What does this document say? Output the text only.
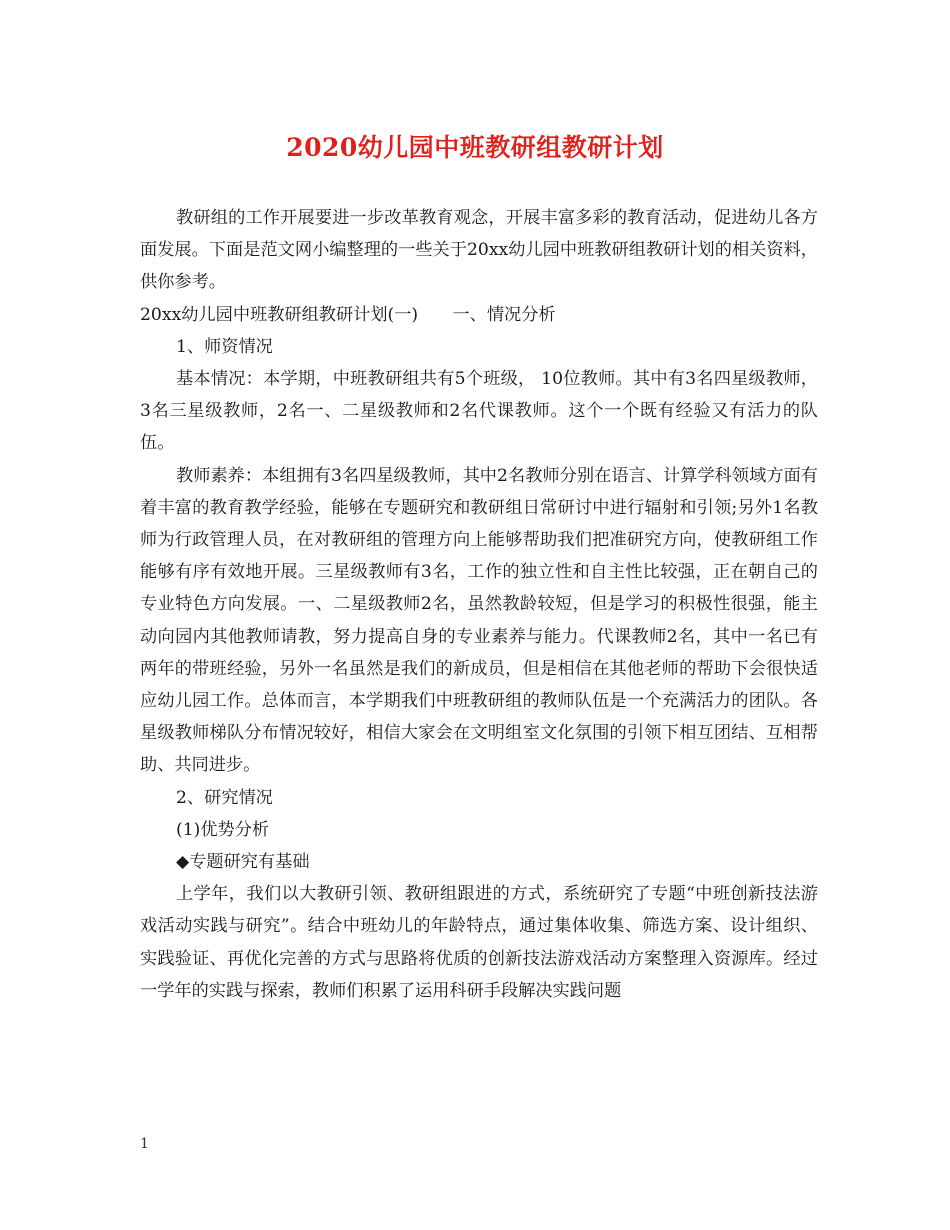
2020幼儿园中班教研组教研计划

教研组的工作开展要进一步改革教育观念，开展丰富多彩的教育活动，促进幼儿各方面发展。下面是范文网小编整理的一些关于20xx幼儿园中班教研组教研计划的相关资料，供你参考。

20xx幼儿园中班教研组教研计划(一)　　一、情况分析

1、师资情况

基本情况：本学期，中班教研组共有5个班级， 10位教师。其中有3名四星级教师，3名三星级教师，2名一、二星级教师和2名代课教师。这个一个既有经验又有活力的队伍。

教师素养：本组拥有3名四星级教师，其中2名教师分别在语言、计算学科领域方面有着丰富的教育教学经验，能够在专题研究和教研组日常研讨中进行辐射和引领;另外1名教师为行政管理人员，在对教研组的管理方向上能够帮助我们把准研究方向，使教研组工作能够有序有效地开展。三星级教师有3名，工作的独立性和自主性比较强，正在朝自己的专业特色方向发展。一、二星级教师2名，虽然教龄较短，但是学习的积极性很强，能主动向园内其他教师请教，努力提高自身的专业素养与能力。代课教师2名，其中一名已有两年的带班经验，另外一名虽然是我们的新成员，但是相信在其他老师的帮助下会很快适应幼儿园工作。总体而言，本学期我们中班教研组的教师队伍是一个充满活力的团队。各星级教师梯队分布情况较好，相信大家会在文明组室文化氛围的引领下相互团结、互相帮助、共同进步。

2、研究情况

(1)优势分析

◆专题研究有基础

上学年，我们以大教研引领、教研组跟进的方式，系统研究了专题“中班创新技法游戏活动实践与研究”。结合中班幼儿的年龄特点，通过集体收集、筛选方案、设计组织、实践验证、再优化完善的方式与思路将优质的创新技法游戏活动方案整理入资源库。经过一学年的实践与探索，教师们积累了运用科研手段解决实践问题

1
